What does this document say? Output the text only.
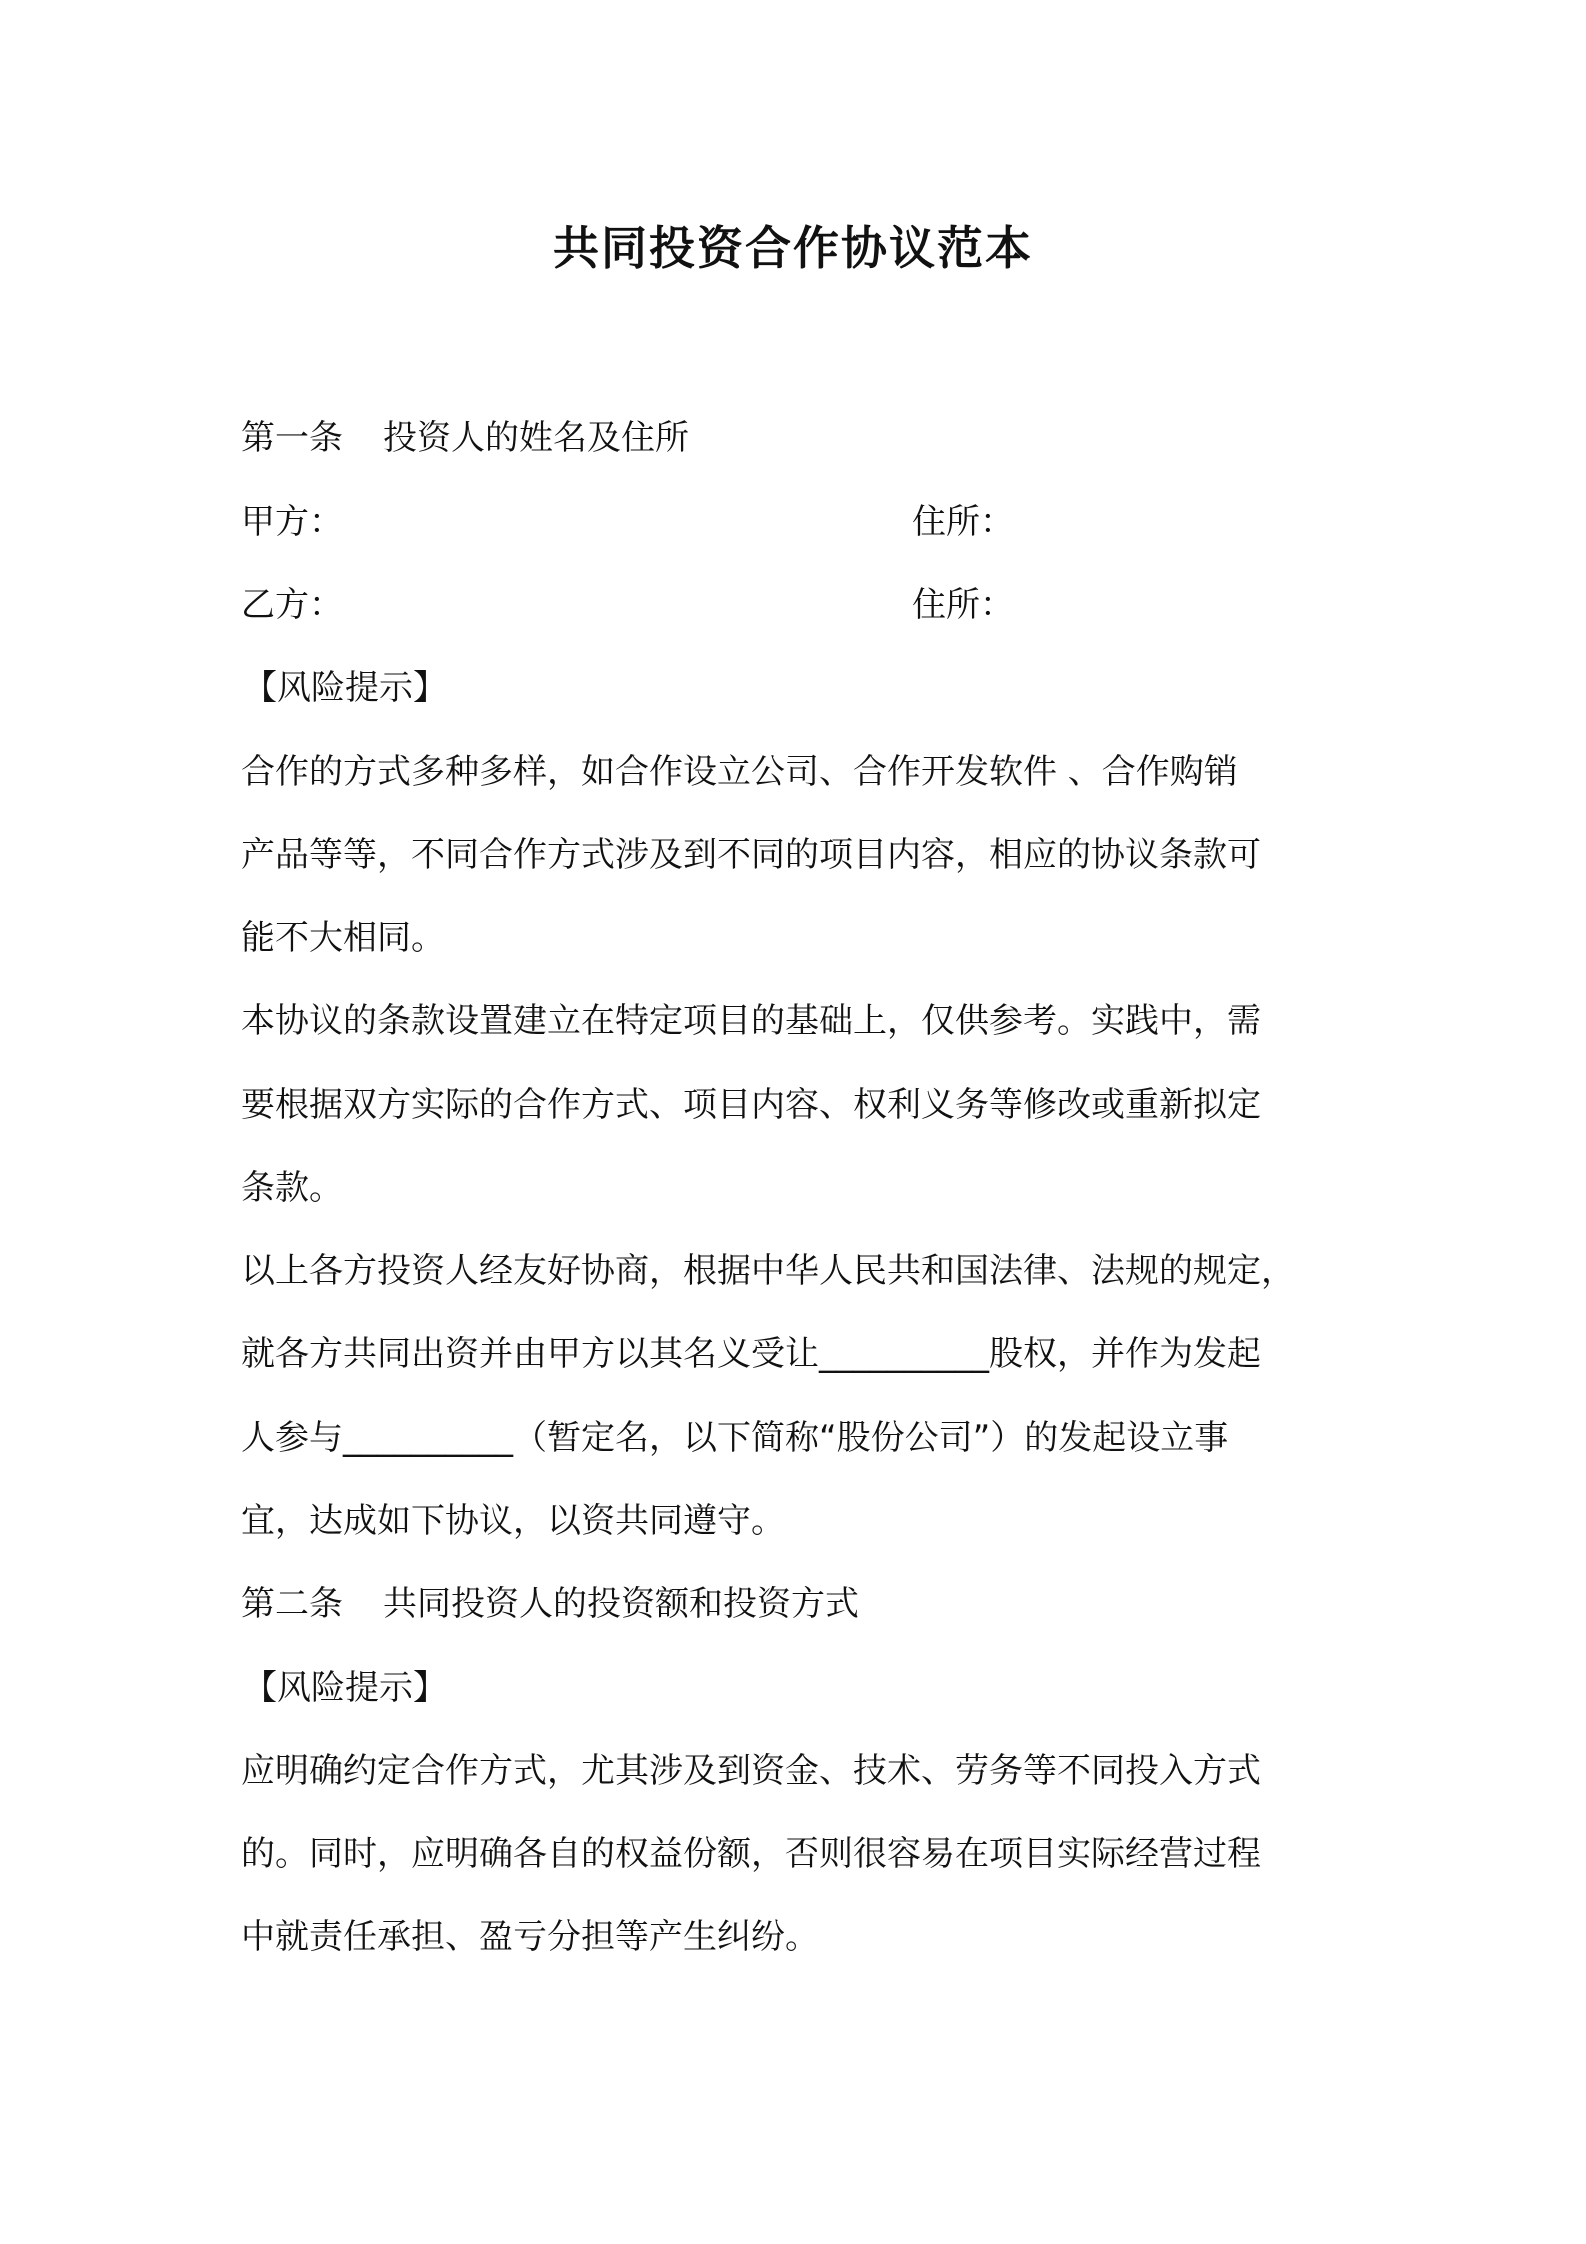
共同投资合作协议范本
第一条 投资人的姓名及住所
甲方：	住所：
乙方：	住所：
【风险提示】
合作的方式多种多样，如合作设立公司、合作开发软件 、合作购销
产品等等，不同合作方式涉及到不同的项目内容，相应的协议条款可
能不大相同。
本协议的条款设置建立在特定项目的基础上，仅供参考。实践中，需
要根据双方实际的合作方式、项目内容、权利义务等修改或重新拟定
条款。
以上各方投资人经友好协商，根据中华人民共和国法律、法规的规定，
就各方共同出资并由甲方以其名义受让__________股权，并作为发起
人参与__________（暂定名，以下简称“股份公司”）的发起设立事
宜，达成如下协议，以资共同遵守。
第二条 共同投资人的投资额和投资方式
【风险提示】
应明确约定合作方式，尤其涉及到资金、技术、劳务等不同投入方式
的。同时，应明确各自的权益份额，否则很容易在项目实际经营过程
中就责任承担、盈亏分担等产生纠纷。
